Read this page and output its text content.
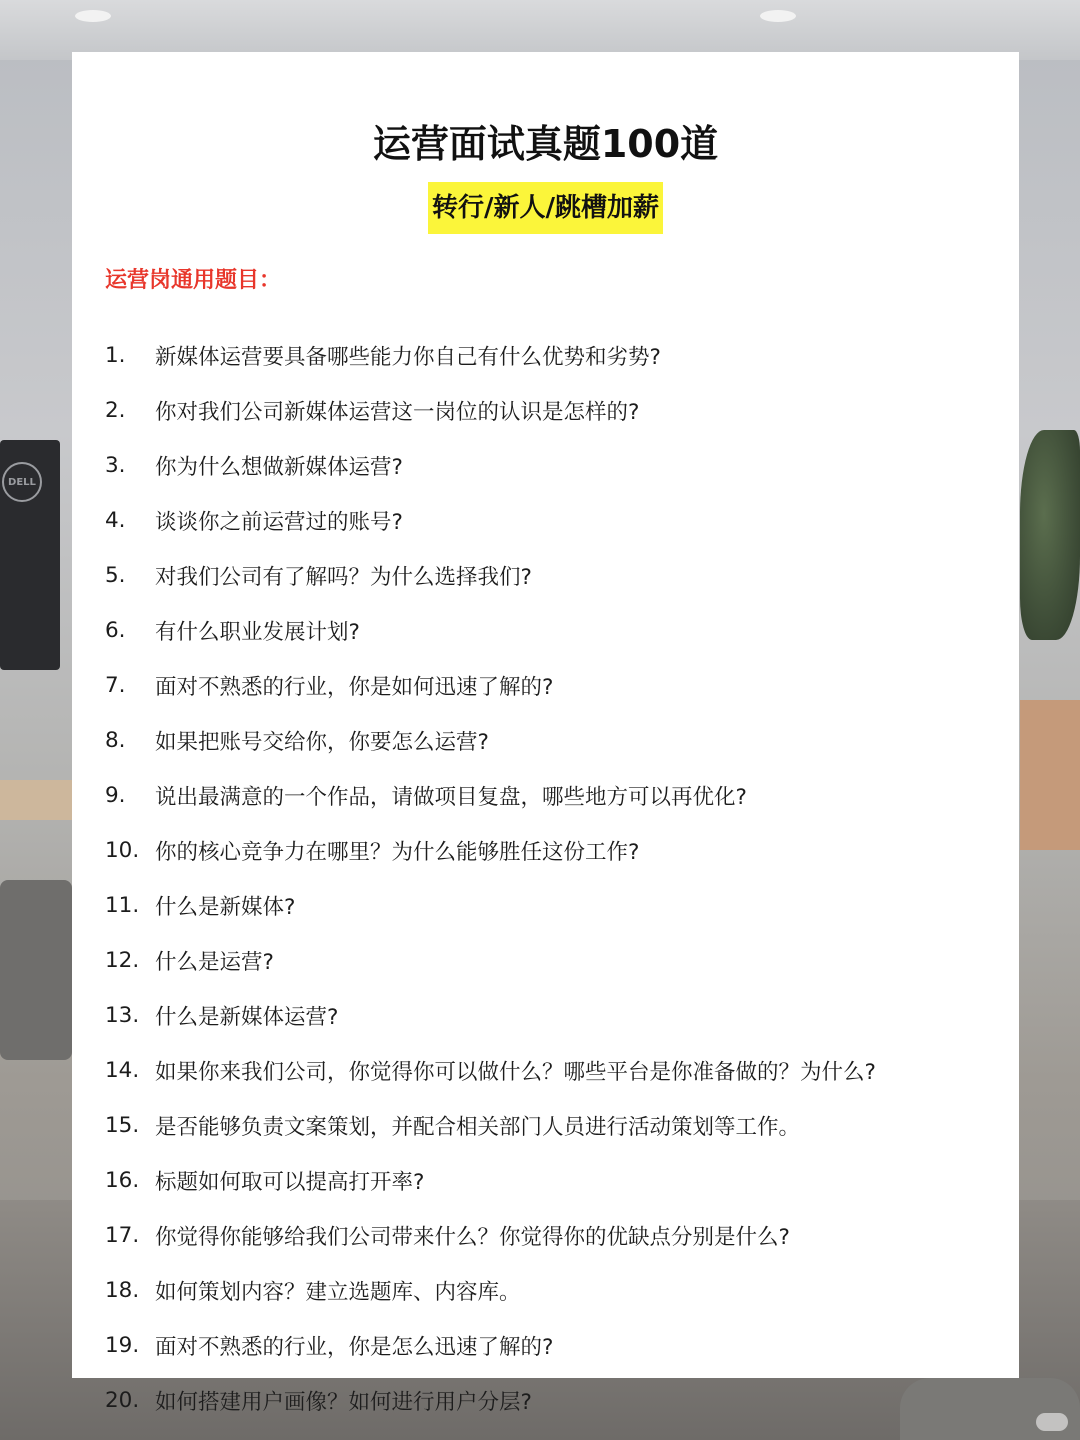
DELL
运营面试真题100道
转行/新人/跳槽加薪
运营岗通用题目：
1.	新媒体运营要具备哪些能力你自己有什么优势和劣势?
2.	你对我们公司新媒体运营这一岗位的认识是怎样的?
3.	你为什么想做新媒体运营?
4.	谈谈你之前运营过的账号?
5.	对我们公司有了解吗？为什么选择我们?
6.	有什么职业发展计划?
7.	面对不熟悉的行业，你是如何迅速了解的?
8.	如果把账号交给你，你要怎么运营?
9.	说出最满意的一个作品，请做项目复盘，哪些地方可以再优化?
10. 你的核心竞争力在哪里？为什么能够胜任这份工作?
11. 什么是新媒体?
12. 什么是运营?
13. 什么是新媒体运营?
14. 如果你来我们公司，你觉得你可以做什么？哪些平台是你准备做的？为什么?
15. 是否能够负责文案策划，并配合相关部门人员进行活动策划等工作。
16. 标题如何取可以提高打开率?
17. 你觉得你能够给我们公司带来什么？你觉得你的优缺点分别是什么?
18. 如何策划内容？建立选题库、内容库。
19. 面对不熟悉的行业，你是怎么迅速了解的?
20. 如何搭建用户画像？如何进行用户分层?
